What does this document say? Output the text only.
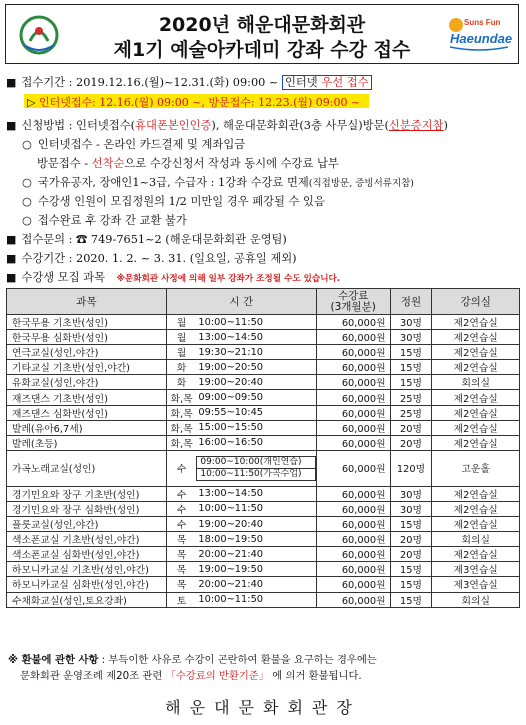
2020년 해운대문화회관
제1기 예술아카데미 강좌 수강 접수
Suns Fun
Haeundae
■ 접수기간 : 2019.12.16.(월)~12.31.(화) 09:00 ~ 인터넷 우선 접수
▷ 인터넷접수: 12.16.(월) 09:00 ~, 방문접수: 12.23.(월) 09:00 ~
■ 신청방법 : 인터넷접수(휴대폰본인인증), 해운대문화회관(3층 사무실)방문(신분증지참)
○ 인터넷접수 - 온라인 카드결제 및 계좌입금
방문접수 - 선착순으로 수강신청서 작성과 동시에 수강료 납부
○ 국가유공자, 장애인1~3급, 수급자 : 1강좌 수강료 면제(직접방문, 증빙서류지참)
○ 수강생 인원이 모집정원의 1/2 미만일 경우 폐강될 수 있음
○ 접수완료 후 강좌 간 교환 불가
■ 접수문의 : ☎ 749-7651~2 (해운대문화회관 운영팀)
■ 수강기간 : 2020. 1. 2. ~ 3. 31. (일요일, 공휴일 제외)
■ 수강생 모집 과목 ※문화회관 사정에 의해 일부 강좌가 조정될 수도 있습니다.
과목	시 간		수강료
(3개월분)	정원	강의실
한국무용 기초반(성인)	월	10:00~11:50	60,000원	30명	제2연습실
한국무용 심화반(성인)	월	13:00~14:50	60,000원	30명	제2연습실
연극교실(성인,야간)	월	19:30~21:10	60,000원	15명	제2연습실
기타교실 기초반(성인,야간)	화	19:00~20:50	60,000원	15명	제2연습실
유화교실(성인,야간)	화	19:00~20:40	60,000원	15명	회의실
재즈댄스 기초반(성인)	화,목	09:00~09:50	60,000원	25명	제2연습실
재즈댄스 심화반(성인)	화,목	09:55~10:45	60,000원	25명	제2연습실
발레(유아6,7세)	화,목	15:00~15:50	60,000원	20명	제2연습실
발레(초등)	화,목	16:00~16:50	60,000원	20명	제2연습실
가곡노래교실(성인)	수	09:00~10:00(개인연습)
10:00~11:50(가곡수업)	60,000원	120명	고운홀
경기민요와 장구 기초반(성인)	수	13:00~14:50	60,000원	30명	제2연습실
경기민요와 장구 심화반(성인)	수	10:00~11:50	60,000원	30명	제2연습실
플룻교실(성인,야간)	수	19:00~20:40	60,000원	15명	제2연습실
색소폰교실 기초반(성인,야간)	목	18:00~19:50	60,000원	20명	회의실
색소폰교실 심화반(성인,야간)	목	20:00~21:40	60,000원	20명	제2연습실
하모니카교실 기초반(성인,야간)	목	19:00~19:50	60,000원	15명	제3연습실
하모니카교실 심화반(성인,야간)	목	20:00~21:40	60,000원	15명	제3연습실
수채화교실(성인,토요강좌)	토	10:00~11:50	60,000원	15명	회의실
※ 환불에 관한 사항 : 부득이한 사유로 수강이 곤란하여 환불을 요구하는 경우에는
문화회관 운영조례 제20조 관련 「수강료의 반환기준」 에 의거 환불됩니다.
해운대문화회관장
